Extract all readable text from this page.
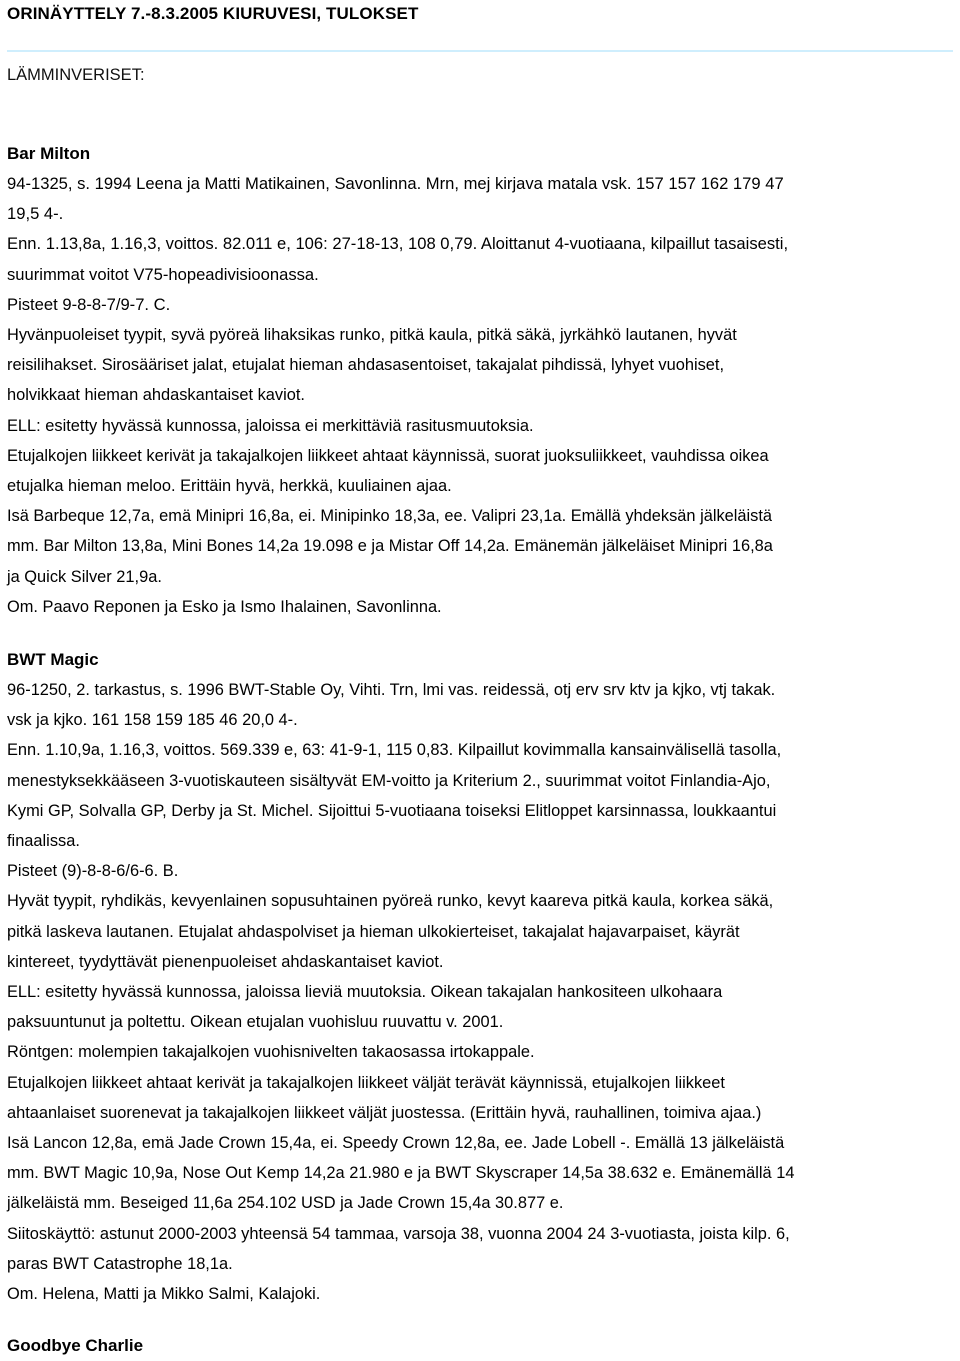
ORINÄYTTELY 7.-8.3.2005 KIURUVESI, TULOKSET
LÄMMINVERISET:
Bar Milton
94-1325, s. 1994 Leena ja Matti Matikainen, Savonlinna. Mrn, mej kirjava matala vsk. 157 157 162 179 47
19,5 4-.
Enn. 1.13,8a, 1.16,3, voittos. 82.011 e, 106: 27-18-13, 108 0,79. Aloittanut 4-vuotiaana, kilpaillut tasaisesti,
suurimmat voitot V75-hopeadivisioonassa.
Pisteet 9-8-8-7/9-7. C.
Hyvänpuoleiset tyypit, syvä pyöreä lihaksikas runko, pitkä kaula, pitkä säkä, jyrkähkö lautanen, hyvät
reisilihakset. Sirosääriset jalat, etujalat hieman ahdasasentoiset, takajalat pihdissä, lyhyet vuohiset,
holvikkaat hieman ahdaskantaiset kaviot.
ELL: esitetty hyvässä kunnossa, jaloissa ei merkittäviä rasitusmuutoksia.
Etujalkojen liikkeet kerivät ja takajalkojen liikkeet ahtaat käynnissä, suorat juoksuliikkeet, vauhdissa oikea
etujalka hieman meloo. Erittäin hyvä, herkkä, kuuliainen ajaa.
Isä Barbeque 12,7a, emä Minipri 16,8a, ei. Minipinko 18,3a, ee. Valipri 23,1a. Emällä yhdeksän jälkeläistä
mm. Bar Milton 13,8a, Mini Bones 14,2a 19.098 e ja Mistar Off 14,2a. Emänemän jälkeläiset Minipri 16,8a
ja Quick Silver 21,9a.
Om. Paavo Reponen ja Esko ja Ismo Ihalainen, Savonlinna.
BWT Magic
96-1250, 2. tarkastus, s. 1996 BWT-Stable Oy, Vihti. Trn, lmi vas. reidessä, otj erv srv ktv ja kjko, vtj takak.
vsk ja kjko. 161 158 159 185 46 20,0 4-.
Enn. 1.10,9a, 1.16,3, voittos. 569.339 e, 63: 41-9-1, 115 0,83. Kilpaillut kovimmalla kansainvälisellä tasolla,
menestyksekkääseen 3-vuotiskauteen sisältyvät EM-voitto ja Kriterium 2., suurimmat voitot Finlandia-Ajo,
Kymi GP, Solvalla GP, Derby ja St. Michel. Sijoittui 5-vuotiaana toiseksi Elitloppet karsinnassa, loukkaantui
finaalissa.
Pisteet (9)-8-8-6/6-6. B.
Hyvät tyypit, ryhdikäs, kevyenlainen sopusuhtainen pyöreä runko, kevyt kaareva pitkä kaula, korkea säkä,
pitkä laskeva lautanen. Etujalat ahdaspolviset ja hieman ulkokierteiset, takajalat hajavarpaiset, käyrät
kintereet, tyydyttävät pienenpuoleiset ahdaskantaiset kaviot.
ELL: esitetty hyvässä kunnossa, jaloissa lieviä muutoksia. Oikean takajalan hankositeen ulkohaara
paksuuntunut ja poltettu. Oikean etujalan vuohisluu ruuvattu v. 2001.
Röntgen: molempien takajalkojen vuohisnivelten takaosassa irtokappale.
Etujalkojen liikkeet ahtaat kerivät ja takajalkojen liikkeet väljät terävät käynnissä, etujalkojen liikkeet
ahtaanlaiset suorenevat ja takajalkojen liikkeet väljät juostessa. (Erittäin hyvä, rauhallinen, toimiva ajaa.)
Isä Lancon 12,8a, emä Jade Crown 15,4a, ei. Speedy Crown 12,8a, ee. Jade Lobell -. Emällä 13 jälkeläistä
mm. BWT Magic 10,9a, Nose Out Kemp 14,2a 21.980 e ja BWT Skyscraper 14,5a 38.632 e. Emänemällä 14
jälkeläistä mm. Beseiged 11,6a 254.102 USD ja Jade Crown 15,4a 30.877 e.
Siitoskäyttö: astunut 2000-2003 yhteensä 54 tammaa, varsoja 38, vuonna 2004 24 3-vuotiasta, joista kilp. 6,
paras BWT Catastrophe 18,1a.
Om. Helena, Matti ja Mikko Salmi, Kalajoki.
Goodbye Charlie
